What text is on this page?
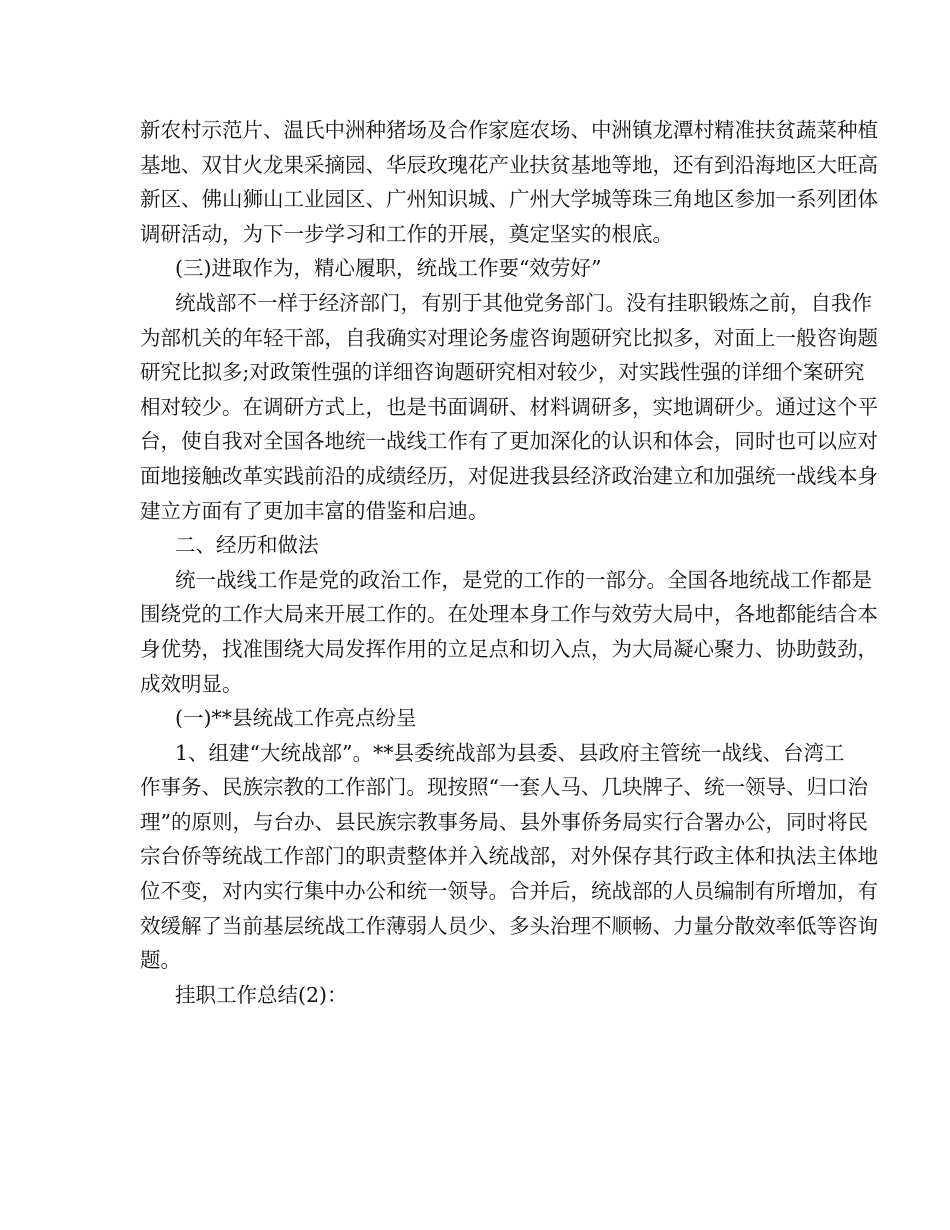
新农村示范片、温氏中洲种猪场及合作家庭农场、中洲镇龙潭村精准扶贫蔬菜种植
基地、双甘火龙果采摘园、华辰玫瑰花产业扶贫基地等地，还有到沿海地区大旺高
新区、佛山狮山工业园区、广州知识城、广州大学城等珠三角地区参加一系列团体
调研活动，为下一步学习和工作的开展，奠定坚实的根底。
(三)进取作为，精心履职，统战工作要“效劳好”
统战部不一样于经济部门，有别于其他党务部门。没有挂职锻炼之前，自我作
为部机关的年轻干部，自我确实对理论务虚咨询题研究比拟多，对面上一般咨询题
研究比拟多;对政策性强的详细咨询题研究相对较少，对实践性强的详细个案研究
相对较少。在调研方式上，也是书面调研、材料调研多，实地调研少。通过这个平
台，使自我对全国各地统一战线工作有了更加深化的认识和体会，同时也可以应对
面地接触改革实践前沿的成绩经历，对促进我县经济政治建立和加强统一战线本身
建立方面有了更加丰富的借鉴和启迪。
二、经历和做法
统一战线工作是党的政治工作，是党的工作的一部分。全国各地统战工作都是
围绕党的工作大局来开展工作的。在处理本身工作与效劳大局中，各地都能结合本
身优势，找准围绕大局发挥作用的立足点和切入点，为大局凝心聚力、协助鼓劲，
成效明显。
(一)**县统战工作亮点纷呈
1、组建“大统战部”。**县委统战部为县委、县政府主管统一战线、台湾工
作事务、民族宗教的工作部门。现按照“一套人马、几块牌子、统一领导、归口治
理”的原则，与台办、县民族宗教事务局、县外事侨务局实行合署办公，同时将民
宗台侨等统战工作部门的职责整体并入统战部，对外保存其行政主体和执法主体地
位不变，对内实行集中办公和统一领导。合并后，统战部的人员编制有所增加，有
效缓解了当前基层统战工作薄弱人员少、多头治理不顺畅、力量分散效率低等咨询
题。
挂职工作总结(2)：
